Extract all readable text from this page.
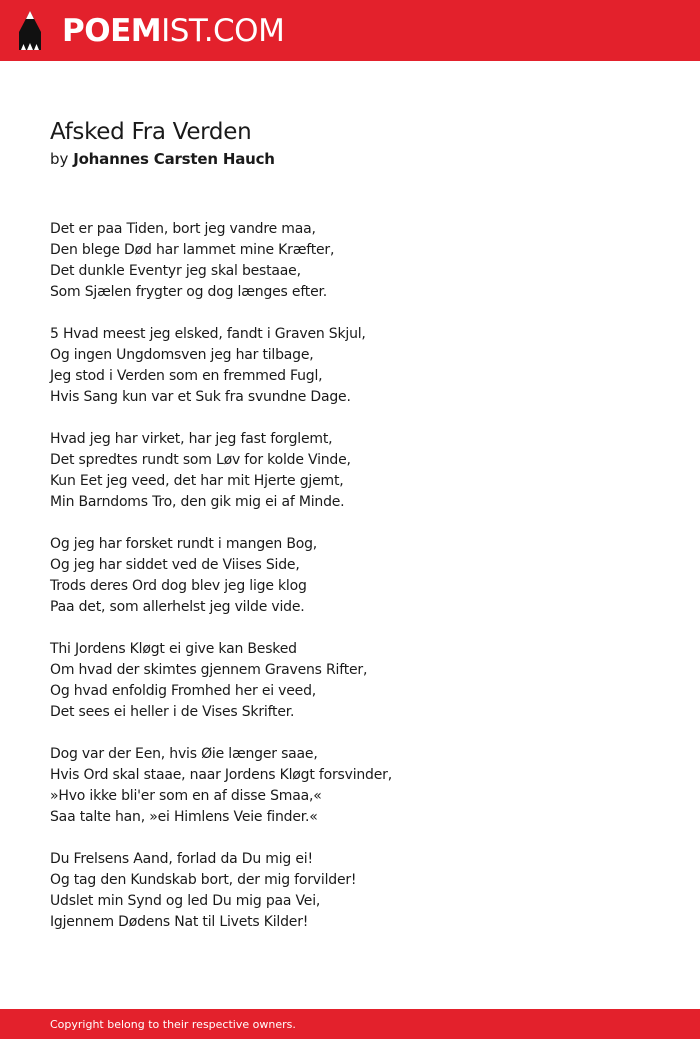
POEMIST.COM
Afsked Fra Verden
by Johannes Carsten Hauch
Det er paa Tiden, bort jeg vandre maa,
Den blege Død har lammet mine Kræfter,
Det dunkle Eventyr jeg skal bestaae,
Som Sjælen frygter og dog længes efter.
5 Hvad meest jeg elsked, fandt i Graven Skjul,
Og ingen Ungdomsven jeg har tilbage,
Jeg stod i Verden som en fremmed Fugl,
Hvis Sang kun var et Suk fra svundne Dage.
Hvad jeg har virket, har jeg fast forglemt,
Det spredtes rundt som Løv for kolde Vinde,
Kun Eet jeg veed, det har mit Hjerte gjemt,
Min Barndoms Tro, den gik mig ei af Minde.
Og jeg har forsket rundt i mangen Bog,
Og jeg har siddet ved de Viises Side,
Trods deres Ord dog blev jeg lige klog
Paa det, som allerhelst jeg vilde vide.
Thi Jordens Kløgt ei give kan Besked
Om hvad der skimtes gjennem Gravens Rifter,
Og hvad enfoldig Fromhed her ei veed,
Det sees ei heller i de Vises Skrifter.
Dog var der Een, hvis Øie længer saae,
Hvis Ord skal staae, naar Jordens Kløgt forsvinder,
»Hvo ikke bli'er som en af disse Smaa,«
Saa talte han, »ei Himlens Veie finder.«
Du Frelsens Aand, forlad da Du mig ei!
Og tag den Kundskab bort, der mig forvilder!
Udslet min Synd og led Du mig paa Vei,
Igjennem Dødens Nat til Livets Kilder!
Copyright belong to their respective owners.
